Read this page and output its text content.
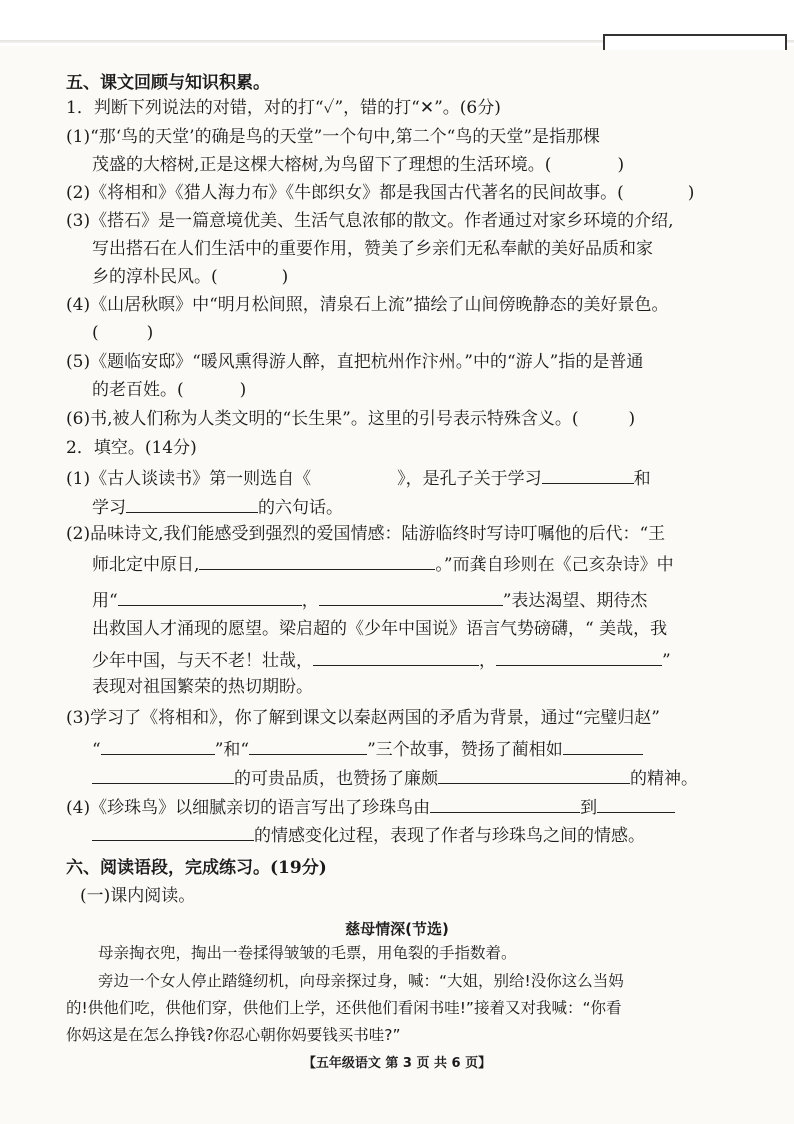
五、课文回顾与知识积累。
1．判断下列说法的对错，对的打“✓”，错的打“✕”。(6分)
(1)“那‘鸟的天堂’的确是鸟的天堂”一个句中,第二个“鸟的天堂”是指那棵
茂盛的大榕树,正是这棵大榕树,为鸟留下了理想的生活环境。(	)
(2)《将相和》《猎人海力布》《牛郎织女》都是我国古代著名的民间故事。(	)
(3)《搭石》是一篇意境优美、生活气息浓郁的散文。作者通过对家乡环境的介绍,
写出搭石在人们生活中的重要作用，赞美了乡亲们无私奉献的美好品质和家
乡的淳朴民风。(	)
(4)《山居秋暝》中“明月松间照，清泉石上流”描绘了山间傍晚静态的美好景色。
(	)
(5)《题临安邸》“暖风熏得游人醉，直把杭州作汴州。”中的“游人”指的是普通
的老百姓。(	)
(6)书,被人们称为人类文明的“长生果”。这里的引号表示特殊含义。(	)
2．填空。(14分)
(1)《古人谈读书》第一则选自《	》，是孔子关于学习	和
学习	的六句话。
(2)品味诗文,我们能感受到强烈的爱国情感：陆游临终时写诗叮嘱他的后代：“王
师北定中原日,	。”而龚自珍则在《己亥杂诗》中
用“	，	”表达渴望、期待杰
出救国人才涌现的愿望。梁启超的《少年中国说》语言气势磅礴，“ 美哉，我
少年中国，与天不老！壮哉，	，	”
表现对祖国繁荣的热切期盼。
(3)学习了《将相和》，你了解到课文以秦赵两国的矛盾为背景，通过“完璧归赵”
“	”和“	”三个故事，赞扬了蔺相如
的可贵品质，也赞扬了廉颇	的精神。
(4)《珍珠鸟》以细腻亲切的语言写出了珍珠鸟由	到
的情感变化过程，表现了作者与珍珠鸟之间的情感。
六、阅读语段，完成练习。(19分)
(一)课内阅读。
慈母情深(节选)
母亲掏衣兜，掏出一卷揉得皱皱的毛票，用龟裂的手指数着。
旁边一个女人停止踏缝纫机，向母亲探过身，喊：“大姐，别给!没你这么当妈
的!供他们吃，供他们穿，供他们上学，还供他们看闲书哇!”接着又对我喊：“你看
你妈这是在怎么挣钱?你忍心朝你妈要钱买书哇?”
【五年级语文 第 3 页 共 6 页】
